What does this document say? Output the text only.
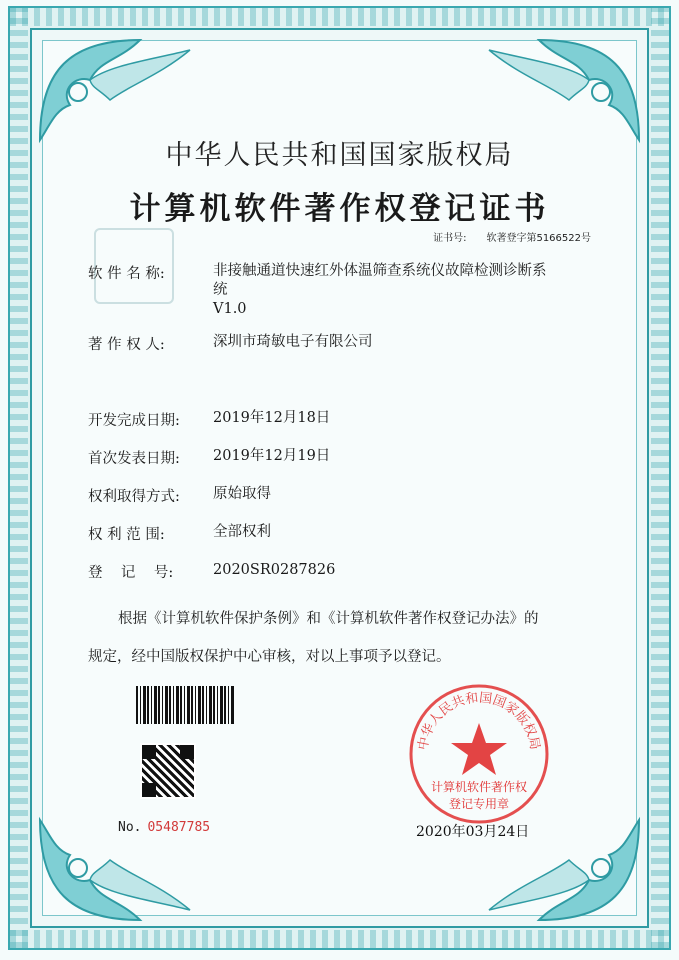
中华人民共和国国家版权局
计算机软件著作权登记证书
证书号: 软著登字第5166522号
软 件 名 称:	非接触通道快速红外体温筛查系统仪故障检测诊断系
统
V1.0
著 作 权 人:	深圳市琦敏电子有限公司
开发完成日期: 2019年12月18日
首次发表日期: 2019年12月19日
权利取得方式: 原始取得
权 利 范 围:	全部权利
登    记    号:	2020SR0287826
根据《计算机软件保护条例》和《计算机软件著作权登记办法》的
规定，经中国版权保护中心审核，对以上事项予以登记。
No. 05487785
中华人民共和国国家版权局
计算机软件著作权
登记专用章
2020年03月24日
